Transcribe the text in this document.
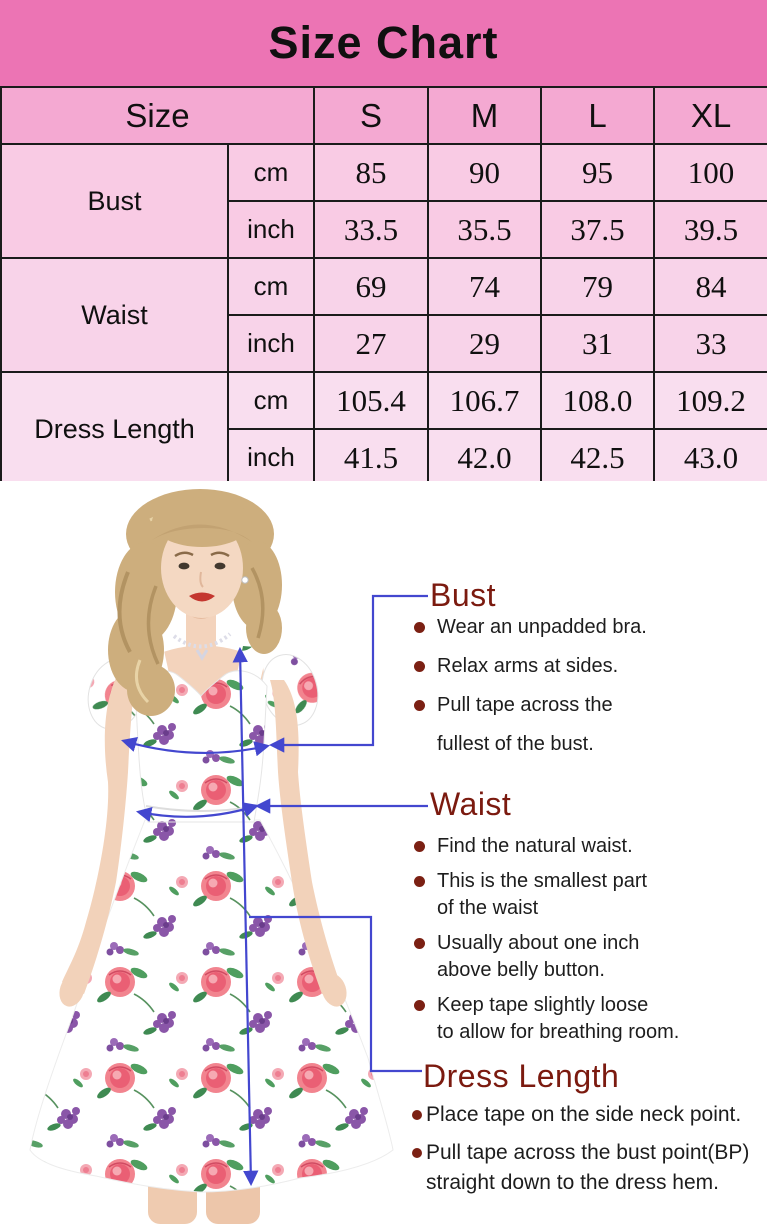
Size Chart
Size		S	M	L	XL
Bust	cm	85	90	95	100
	inch	33.5	35.5	37.5	39.5
Waist	cm	69	74	79	84
	inch	27	29	31	33
Dress Length	cm	105.4	106.7	108.0	109.2
	inch	41.5	42.0	42.5	43.0
Bust
Wear an unpadded bra.
Relax arms at sides.
Pull tape across the
fullest of the bust.
Waist
Find the natural waist.
This is the smallest part
of the waist
Usually about one inch
above belly button.
Keep tape slightly loose
to allow for breathing room.
Dress Length
Place tape on the side neck point.
Pull tape across the bust point(BP)
straight down to the dress hem.
